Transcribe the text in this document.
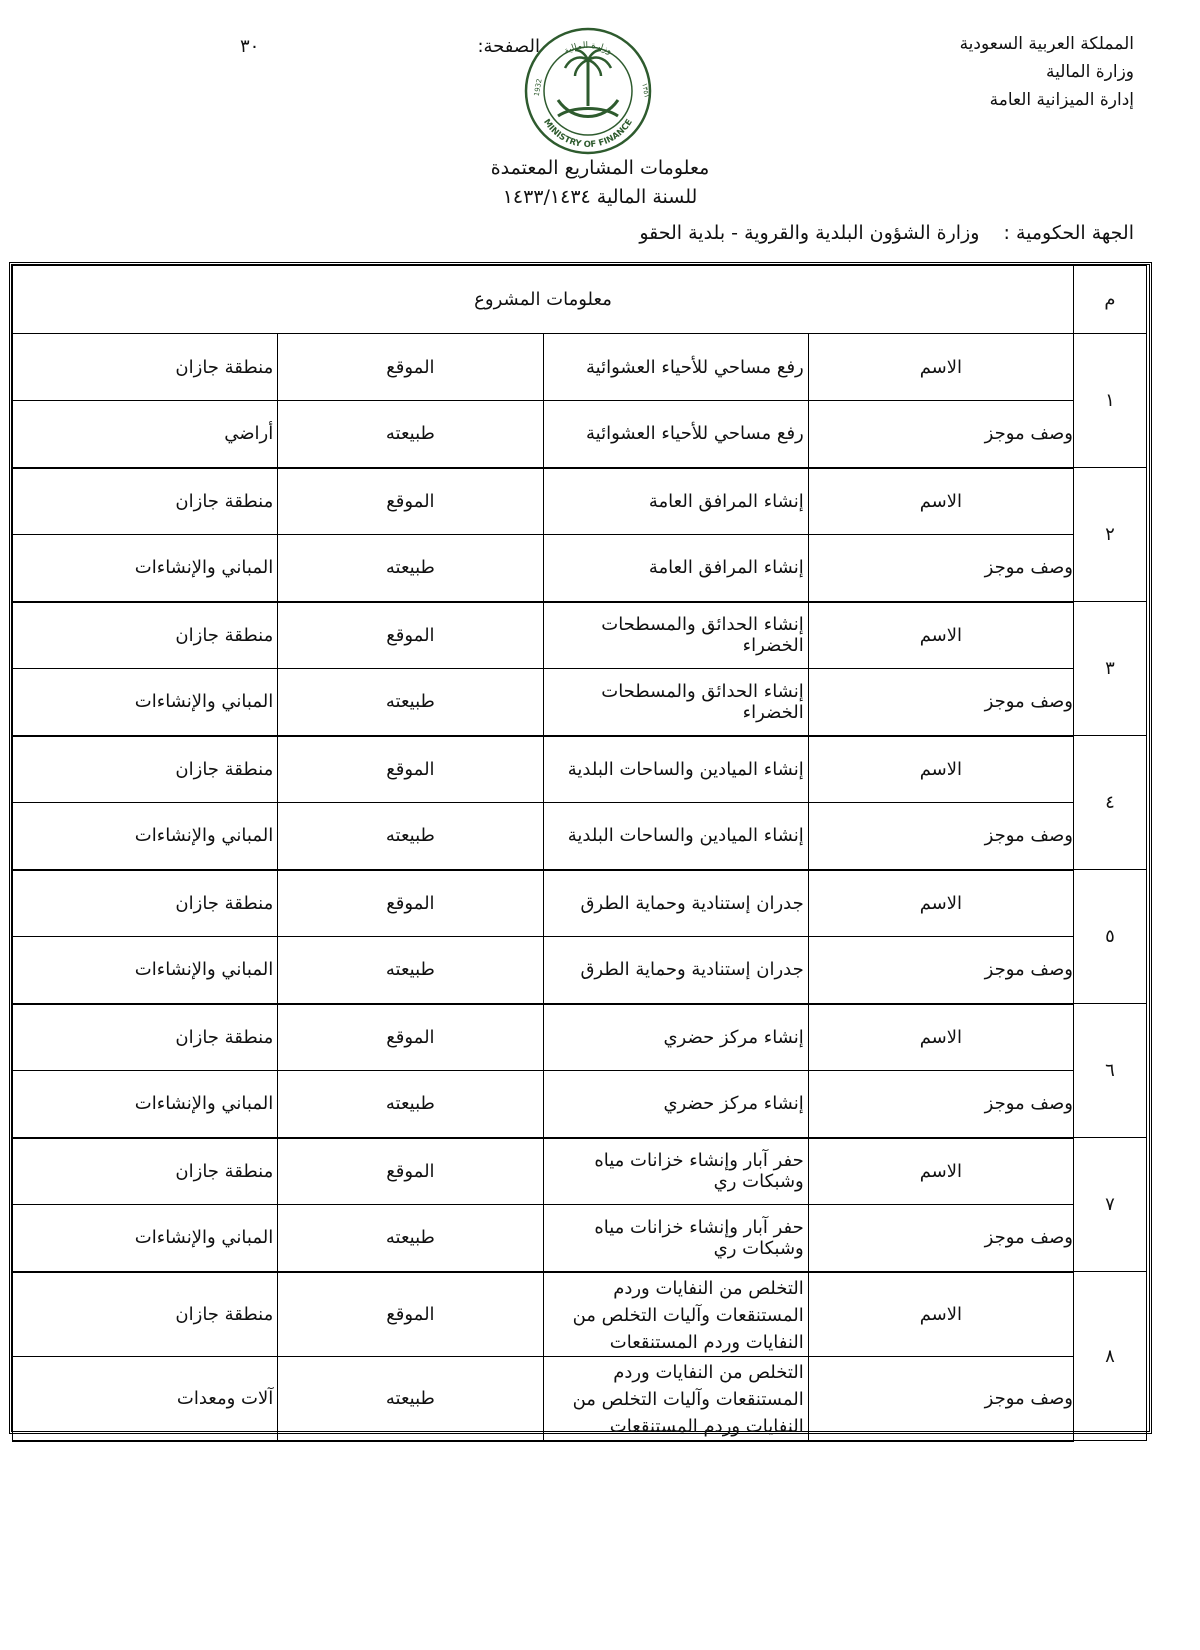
المملكة العربية السعودية
وزارة المالية
إدارة الميزانية العامة
الصفحة:
٣٠	وزارة المالية
MINISTRY OF FINANCE
1932	١٣٥١
معلومات المشاريع المعتمدة
للسنة المالية ١٤٣٣/١٤٣٤
الجهة الحكومية : وزارة الشؤون البلدية والقروية - بلدية الحقو
م	معلومات المشروع			
١	الاسم	رفع مساحي للأحياء العشوائية	الموقع	منطقة جازان
	وصف موجز	رفع مساحي للأحياء العشوائية	طبيعته	أراضي
٢	الاسم	إنشاء المرافق العامة	الموقع	منطقة جازان
	وصف موجز	إنشاء المرافق العامة	طبيعته	المباني والإنشاءات
٣	الاسم	إنشاء الحدائق والمسطحات الخضراء	الموقع	منطقة جازان
	وصف موجز	إنشاء الحدائق والمسطحات الخضراء	طبيعته	المباني والإنشاءات
٤	الاسم	إنشاء الميادين والساحات البلدية	الموقع	منطقة جازان
	وصف موجز	إنشاء الميادين والساحات البلدية	طبيعته	المباني والإنشاءات
٥	الاسم	جدران إستنادية وحماية الطرق	الموقع	منطقة جازان
	وصف موجز	جدران إستنادية وحماية الطرق	طبيعته	المباني والإنشاءات
٦	الاسم	إنشاء مركز حضري	الموقع	منطقة جازان
	وصف موجز	إنشاء مركز حضري	طبيعته	المباني والإنشاءات
٧	الاسم	حفر آبار وإنشاء خزانات مياه وشبكات ري	الموقع	منطقة جازان
	وصف موجز	حفر آبار وإنشاء خزانات مياه وشبكات ري	طبيعته	المباني والإنشاءات
٨	الاسم	التخلص من النفايات وردم المستنقعات وآليات التخلص من النفايات وردم المستنقعات	الموقع	منطقة جازان
	وصف موجز	التخلص من النفايات وردم المستنقعات وآليات التخلص من النفايات وردم المستنقعات	طبيعته	آلات ومعدات
